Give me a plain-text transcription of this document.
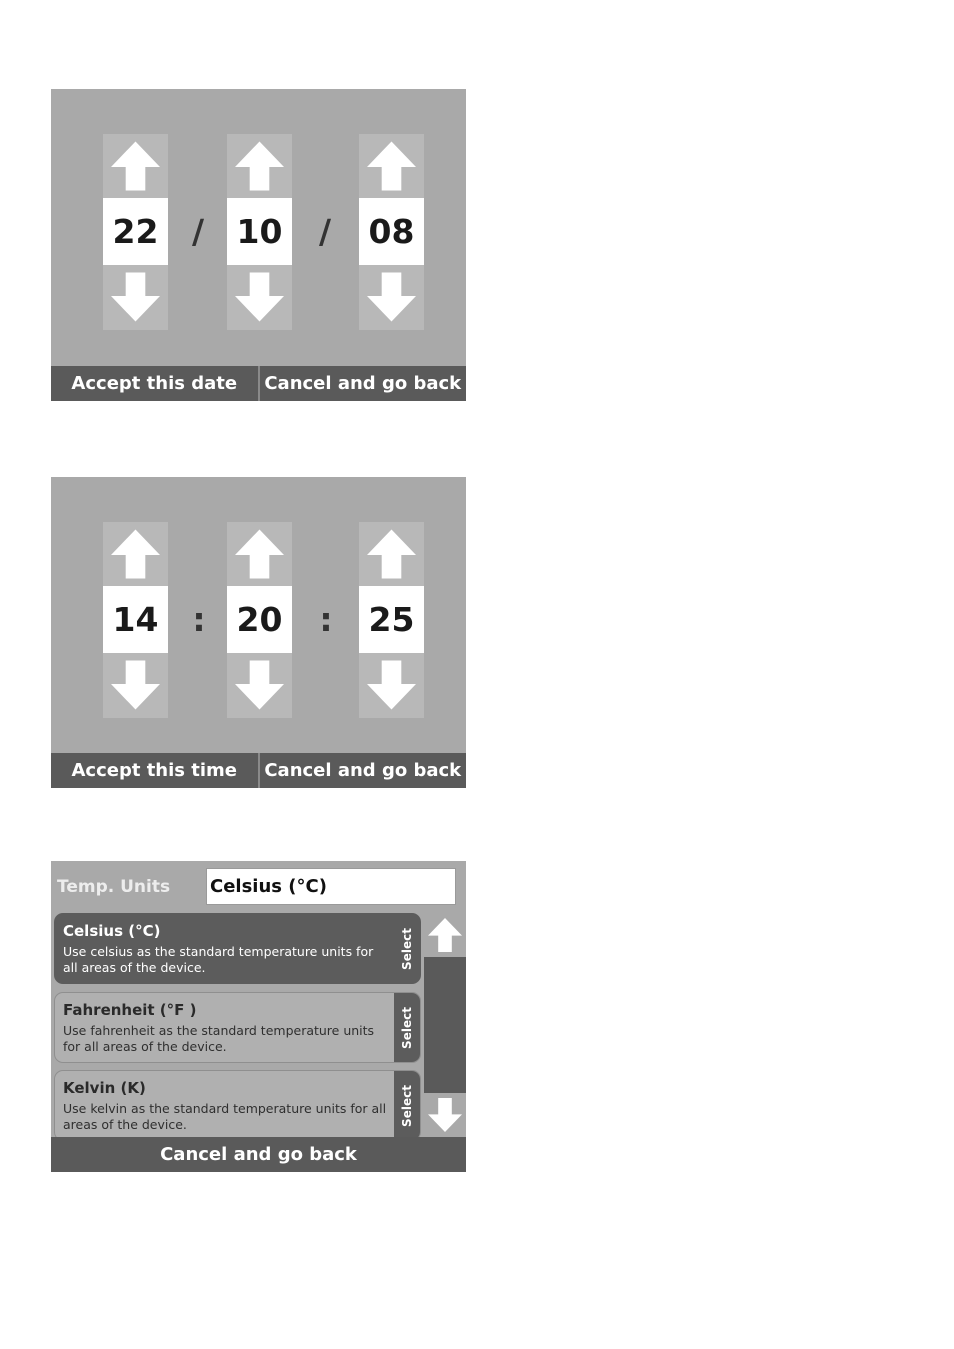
22	/ 10	/	08
Accept this date	Cancel and go back
14	: 20	:	25
Accept this time	Cancel and go back
Temp. Units Celsius (°C)
Celsius (°C)
Use celsius as the standard temperature units for all areas of the device.	Select
Fahrenheit (°F )
Use fahrenheit as the standard temperature units for all areas of the device.	Select
Kelvin (K)
Use kelvin as the standard temperature units for all areas of the device.	Select
Cancel and go back
